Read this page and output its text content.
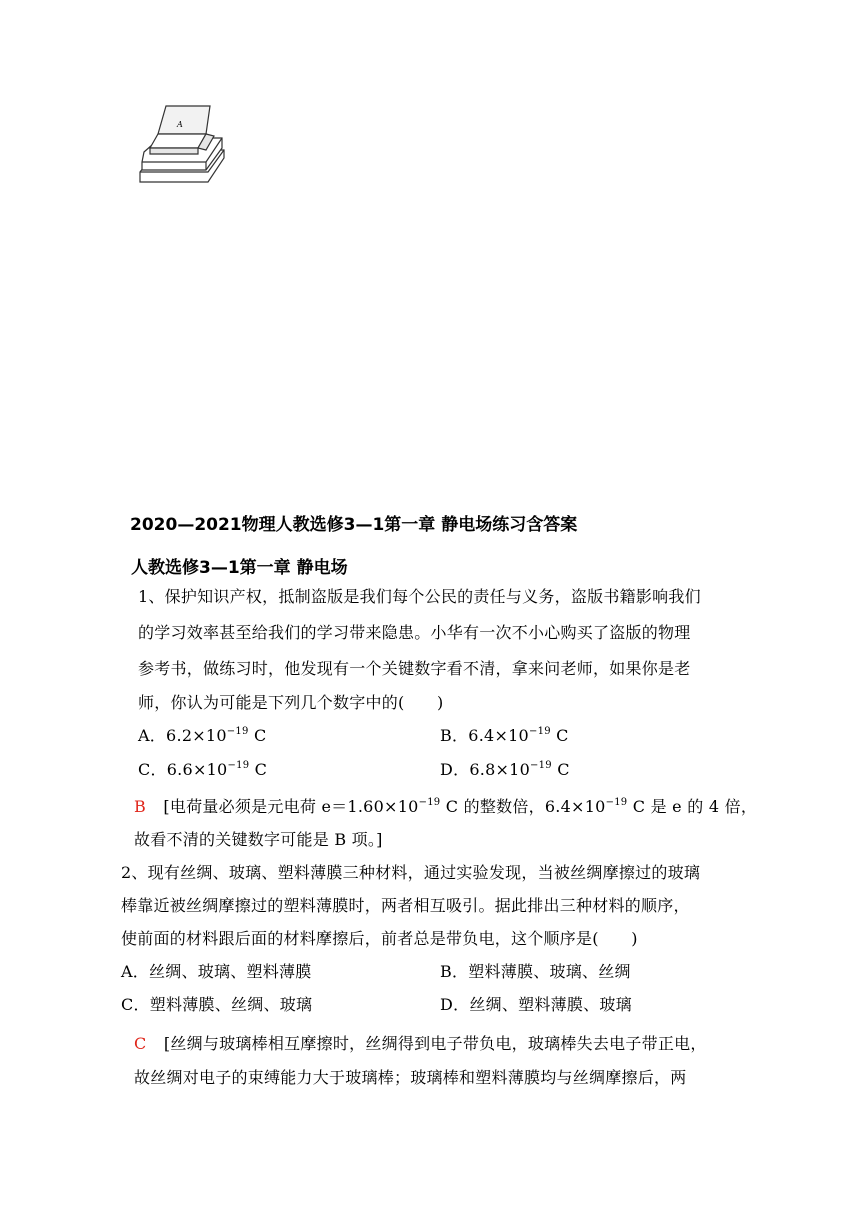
A
2020—2021物理人教选修3—1第一章 静电场练习含答案
人教选修3—1第一章 静电场
1、保护知识产权，抵制盗版是我们每个公民的责任与义务，盗版书籍影响我们
的学习效率甚至给我们的学习带来隐患。小华有一次不小心购买了盗版的物理
参考书，做练习时，他发现有一个关键数字看不清，拿来问老师，如果你是老
师，你认为可能是下列几个数字中的(　　)
A．$6.2\times 10^{-19}$ C	B．$6.4\times 10^{-19}$ C
C．$6.6\times 10^{-19}$ C	D．$6.8\times 10^{-19}$ C
B [电荷量必须是元电荷 $e=1.60\times 10^{-19}$ C 的整数倍，$6.4\times 10^{-19}$ C 是 e 的 4 倍，
故看不清的关键数字可能是 B 项。]
2、现有丝绸、玻璃、塑料薄膜三种材料，通过实验发现，当被丝绸摩擦过的玻璃
棒靠近被丝绸摩擦过的塑料薄膜时，两者相互吸引。据此排出三种材料的顺序，
使前面的材料跟后面的材料摩擦后，前者总是带负电，这个顺序是(　　)
A．丝绸、玻璃、塑料薄膜	B．塑料薄膜、玻璃、丝绸
C．塑料薄膜、丝绸、玻璃	D．丝绸、塑料薄膜、玻璃
C [丝绸与玻璃棒相互摩擦时，丝绸得到电子带负电，玻璃棒失去电子带正电，
故丝绸对电子的束缚能力大于玻璃棒；玻璃棒和塑料薄膜均与丝绸摩擦后，两
